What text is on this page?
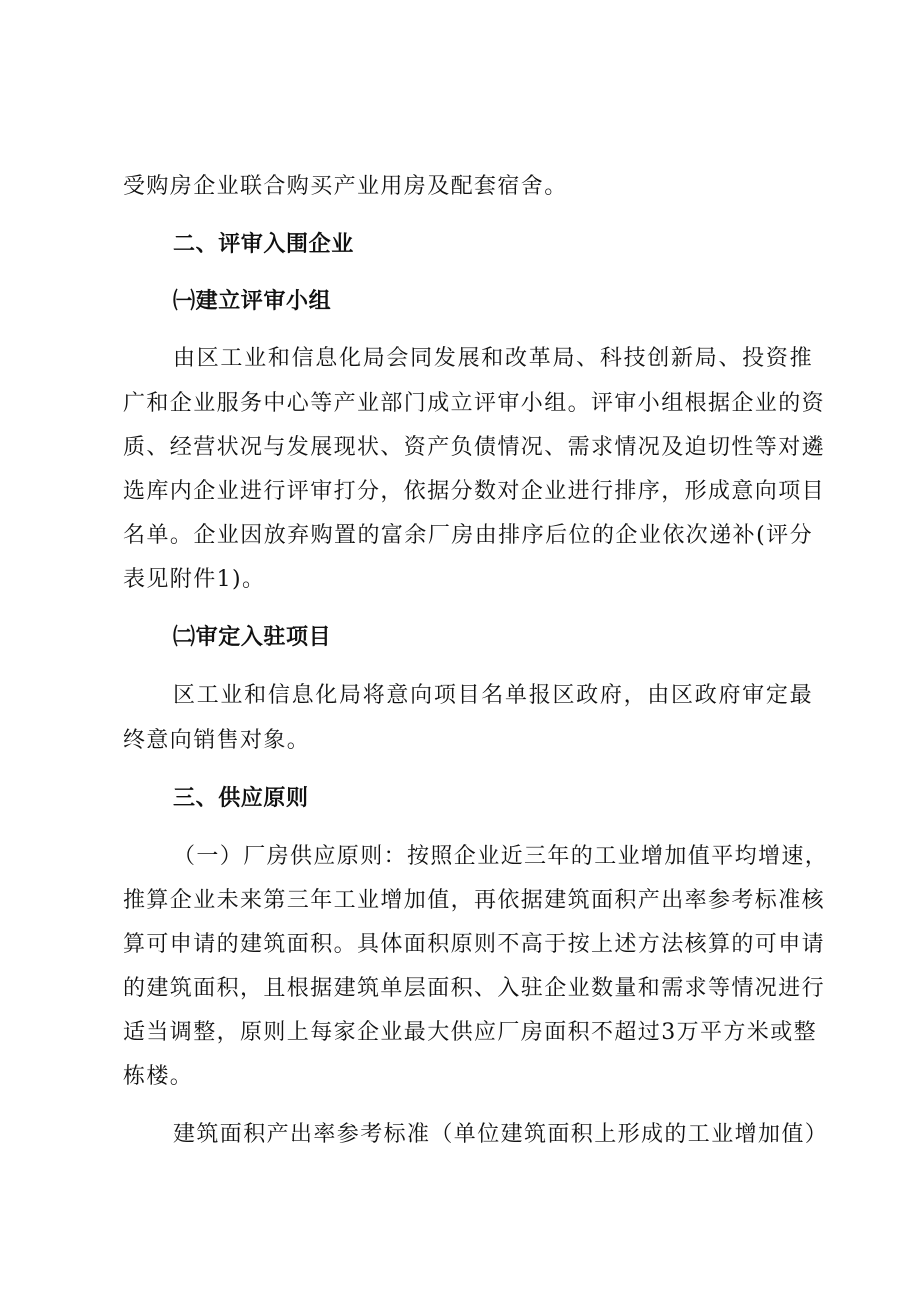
受购房企业联合购买产业用房及配套宿舍。
二、评审入围企业
㈠建立评审小组
由区工业和信息化局会同发展和改革局、科技创新局、投资推
广和企业服务中心等产业部门成立评审小组。评审小组根据企业的资
质、经营状况与发展现状、资产负债情况、需求情况及迫切性等对遴
选库内企业进行评审打分，依据分数对企业进行排序，形成意向项目
名单。企业因放弃购置的富余厂房由排序后位的企业依次递补(评分
表见附件1)。
㈡审定入驻项目
区工业和信息化局将意向项目名单报区政府，由区政府审定最
终意向销售对象。
三、供应原则
（一）厂房供应原则：按照企业近三年的工业增加值平均增速，
推算企业未来第三年工业增加值，再依据建筑面积产出率参考标准核
算可申请的建筑面积。具体面积原则不高于按上述方法核算的可申请
的建筑面积，且根据建筑单层面积、入驻企业数量和需求等情况进行
适当调整，原则上每家企业最大供应厂房面积不超过3万平方米或整
栋楼。
建筑面积产出率参考标准（单位建筑面积上形成的工业增加值）
